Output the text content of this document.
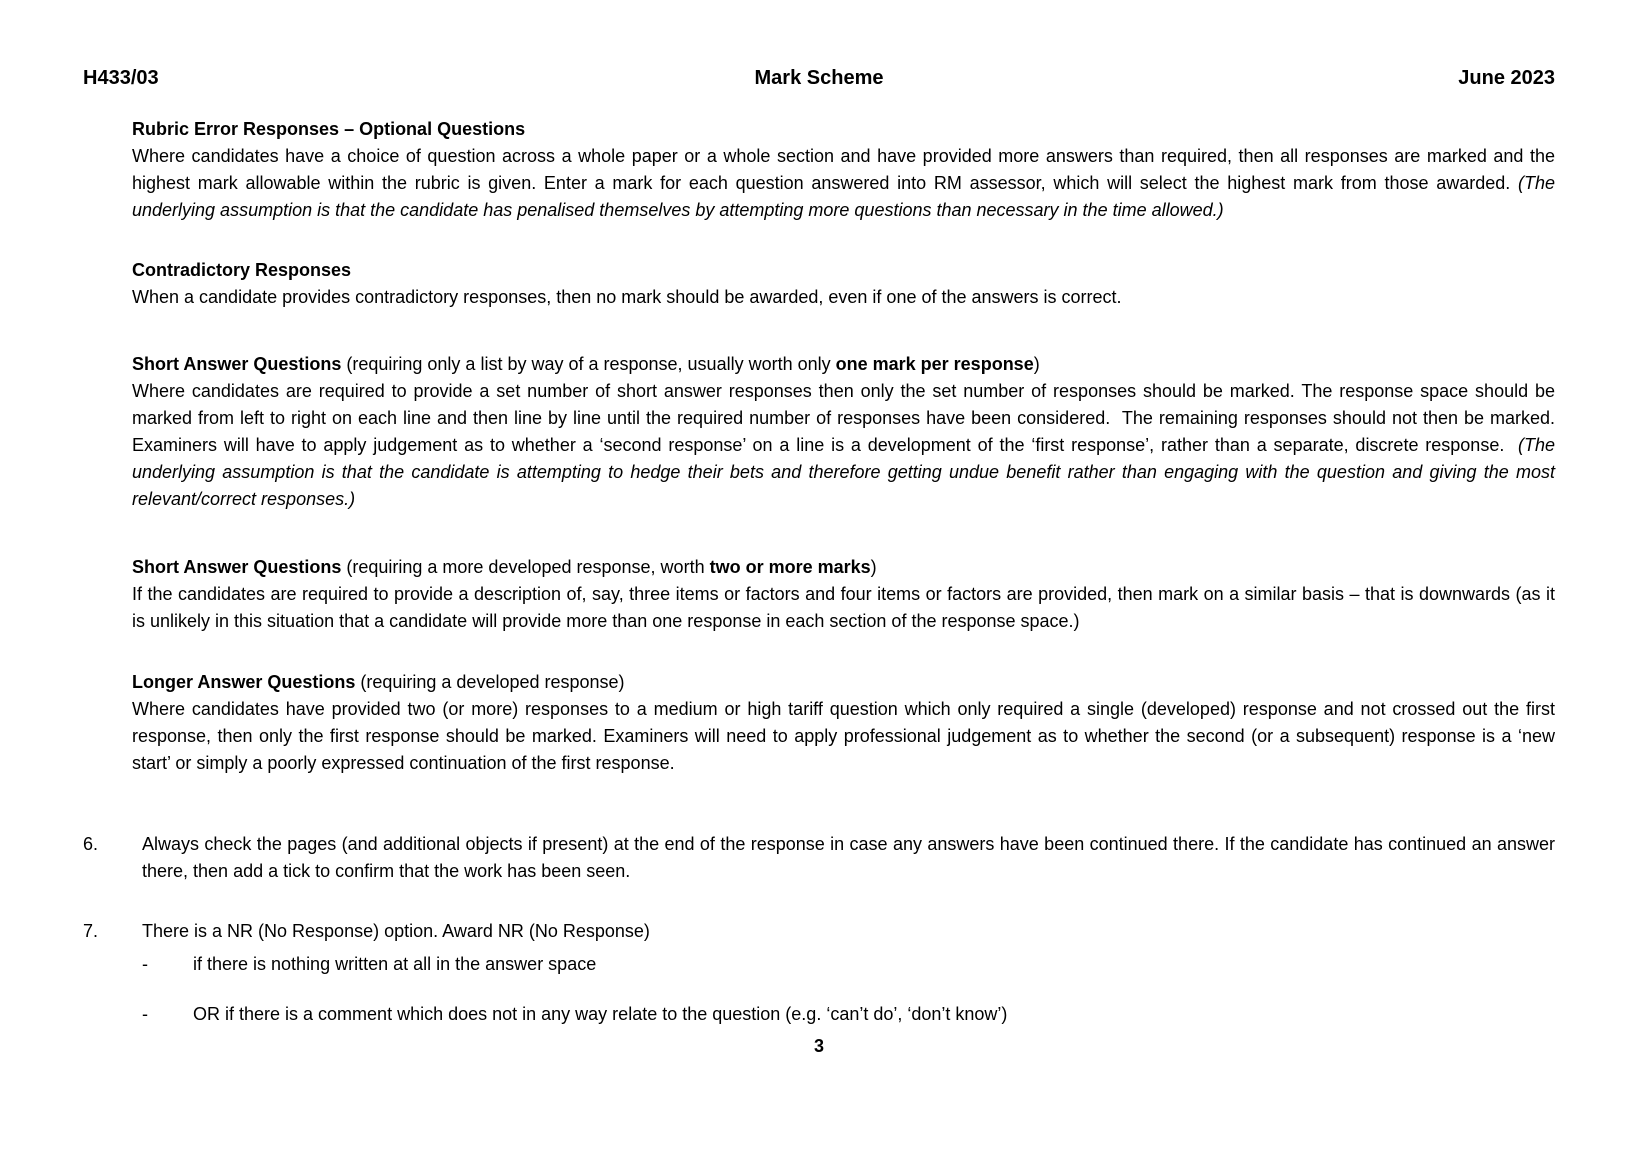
H433/03	Mark Scheme	June 2023

Rubric Error Responses – Optional Questions

Where candidates have a choice of question across a whole paper or a whole section and have provided more answers than required, then all responses are marked and the highest mark allowable within the rubric is given. Enter a mark for each question answered into RM assessor, which will select the highest mark from those awarded. (The underlying assumption is that the candidate has penalised themselves by attempting more questions than necessary in the time allowed.)

Contradictory Responses

When a candidate provides contradictory responses, then no mark should be awarded, even if one of the answers is correct.

Short Answer Questions (requiring only a list by way of a response, usually worth only one mark per response)

Where candidates are required to provide a set number of short answer responses then only the set number of responses should be marked. The response space should be marked from left to right on each line and then line by line until the required number of responses have been considered.  The remaining responses should not then be marked. Examiners will have to apply judgement as to whether a ‘second response’ on a line is a development of the ‘first response’, rather than a separate, discrete response.  (The underlying assumption is that the candidate is attempting to hedge their bets and therefore getting undue benefit rather than engaging with the question and giving the most relevant/correct responses.)

Short Answer Questions (requiring a more developed response, worth two or more marks)

If the candidates are required to provide a description of, say, three items or factors and four items or factors are provided, then mark on a similar basis – that is downwards (as it is unlikely in this situation that a candidate will provide more than one response in each section of the response space.)

Longer Answer Questions (requiring a developed response)

Where candidates have provided two (or more) responses to a medium or high tariff question which only required a single (developed) response and not crossed out the first response, then only the first response should be marked. Examiners will need to apply professional judgement as to whether the second (or a subsequent) response is a ‘new start’ or simply a poorly expressed continuation of the first response.

6.	Always check the pages (and additional objects if present) at the end of the response in case any answers have been continued there. If the candidate has continued an answer there, then add a tick to confirm that the work has been seen.

7.	There is a NR (No Response) option. Award NR (No Response)

-	if there is nothing written at all in the answer space
-	OR if there is a comment which does not in any way relate to the question (e.g. ‘can’t do’, ‘don’t know’)
3
